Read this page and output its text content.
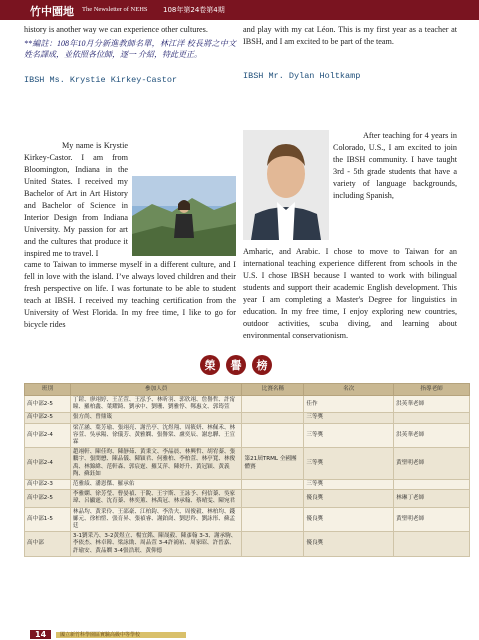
竹中園地 The Newsletter of NEHS 108年第24卷第4期

history is another way we can experience other cultures.

**編註：108年10月分新進教師名單，林江洋 校長將之中文姓名譯成，並依照各位師，逐一 介紹，特此更正。

IBSH Ms. Krystie Kirkey-Castor

My name is Krystie Kirkey-Castor. I am from Bloomington, Indiana in the United States. I received my Bachelor of Art in Art History and Bachelor of Science in Interior Design from Indiana University. My passion for art and the cultures that produce it inspired me to travel. I

came to Taiwan to immerse myself in a different culture, and I fell in love with the island. I’ve always loved children and their fresh perspective on life. I was fortunate to be able to student teach at IBSH. I received my teaching certification from the University of West Florida. In my free time, I like to go for bicycle rides

and play with my cat Léon. This is my first year as a teacher at IBSH, and I am excited to be part of the team.

IBSH Mr. Dylan Holtkamp

After teaching for 4 years in Colorado, U.S., I am excited to join the IBSH community. I have taught 3rd - 5th grade students that have a variety of language backgrounds, including Spanish,

Amharic, and Arabic. I chose to move to Taiwan for an international teaching experience different from schools in the U.S. I chose IBSH because I wanted to work with bilingual students and support their academic English development. This year I am completing a Master's Degree for linguistics in education. In my free time, I enjoy exploring new countries, outdoor activities, scuba diving, and learning about environmental conservationism.

榮	譽	榜
班別	參加人員	比賽名稱	名次	指導老師
高中部2-5	丁鎧、廖翊婷、王芷萱、王泓予、林昕羽、郭欣翊、詹譽哲、許甯瞳、羅柏鑫、葉耀錡、劉承中、劉珊、劉雅惇、鄭惠文、郭筠萱		佳作	洪英華老師
高中部2-5	張方尚、曾鼎箴		三等獎	
高中部2-4	梁芷涵、葉芳瑜、張翊亮、謝岳亭、沈煜翔、周筱妍、林佩禾、林容萱、吳承陽、徐儀芳、黃雅嫻、張譽棠、盧奕辰、謝忠驊、王宣霖		三等獎	洪英華老師
高中部2-4	趙翊軒、陳佳昀、陳靜茹、黃秉文、李晶晨、林興哲、胡宥蓁、張鵬宇、張閔懋、陳品儀、陳穎君、何雅柏、李柏萱、林亭寬、林俊禹、林錦緯、范軒森、郭宸霆、羅艾萍、陳妤升、黃冠穎、黃義陶、蘇鈺如	第21屆TRML 全國團體賽	三等獎	黃聖明老師
高中部2-3	范雅綾、潘恩傑、羅承佑		三等獎	
高中部2-5	李雅嫻、徐芳瑩、曹晏禎、于銳、王宇斯、王詠予、何信蓁、吳家瑋、呂顯霆、沈育蓁、林奕薰、林禹冠、林承翰、蔡晴雯、陳宛君		優良獎	林琳丁老師
高中部1-5	林品均、黃采伶、王邵豪、江柏鈞、李浩夫、周俊毅、林柏均、錢鄺元、徐柏愷、張育昇、張禎睿、謝鉑崗、劉思羚、劉詠彤、蘇孟廷		優良獎	黃聖明老師
高中部	3-1劉采乃、3-2黃煜立、楊宜銘、陳晟毅、陳彥翰 3-3、謝承駒、李依杰、林卓韓、梁詠勛、周品萱 3-4許鴻祐、周家昭、許晉嘉、許瑜安、黃品嫺 3-4張浩珉、黃仰德		優良獎	
14	國立新竹科學園區實驗高級中等學校
